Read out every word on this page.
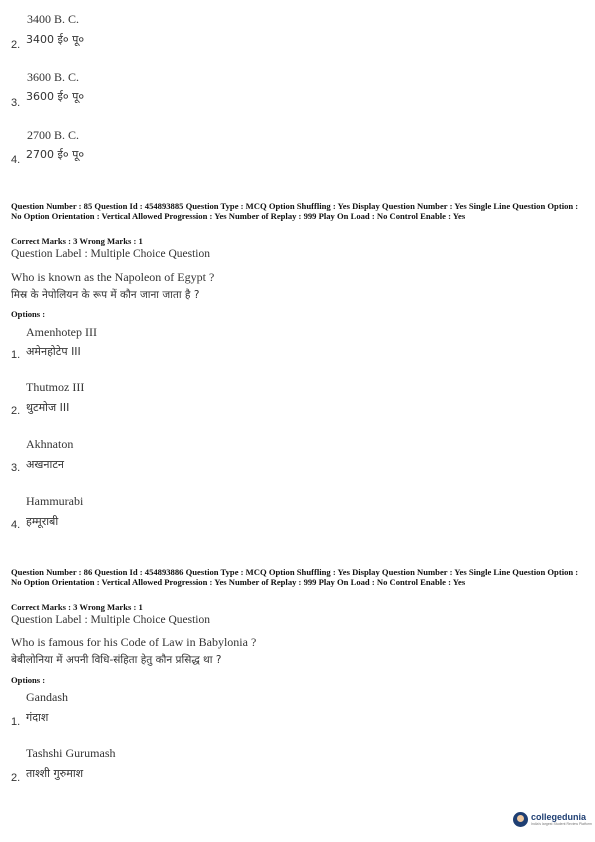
3400 B. C.
2. 3400 ई० पू०
3600 B. C.
3. 3600 ई० पू०
2700 B. C.
4. 2700 ई० पू०
Question Number : 85 Question Id : 454893885 Question Type : MCQ Option Shuffling : Yes Display Question Number : Yes Single Line Question Option : No Option Orientation : Vertical Allowed Progression : Yes Number of Replay : 999 Play On Load : No Control Enable : Yes
Correct Marks : 3 Wrong Marks : 1
Question Label : Multiple Choice Question
Who is known as the Napoleon of Egypt ?
मिस्र के नेपोलियन के रूप में कौन जाना जाता है ?
Options :
Amenhotep III
1. अमेनहोटेप III
Thutmoz III
2. थुटमोज III
Akhnaton
3. अखनाटन
Hammurabi
4. हम्मूराबी
Question Number : 86 Question Id : 454893886 Question Type : MCQ Option Shuffling : Yes Display Question Number : Yes Single Line Question Option : No Option Orientation : Vertical Allowed Progression : Yes Number of Replay : 999 Play On Load : No Control Enable : Yes
Correct Marks : 3 Wrong Marks : 1
Question Label : Multiple Choice Question
Who is famous for his Code of Law in Babylonia ?
बेबीलोनिया में अपनी विधि-संहिता हेतु कौन प्रसिद्ध था ?
Options :
Gandash
1. गंदाश
Tashshi Gurumash
2. ताश्शी गुरुमाश
collegedunia
India's largest Student Review Platform
